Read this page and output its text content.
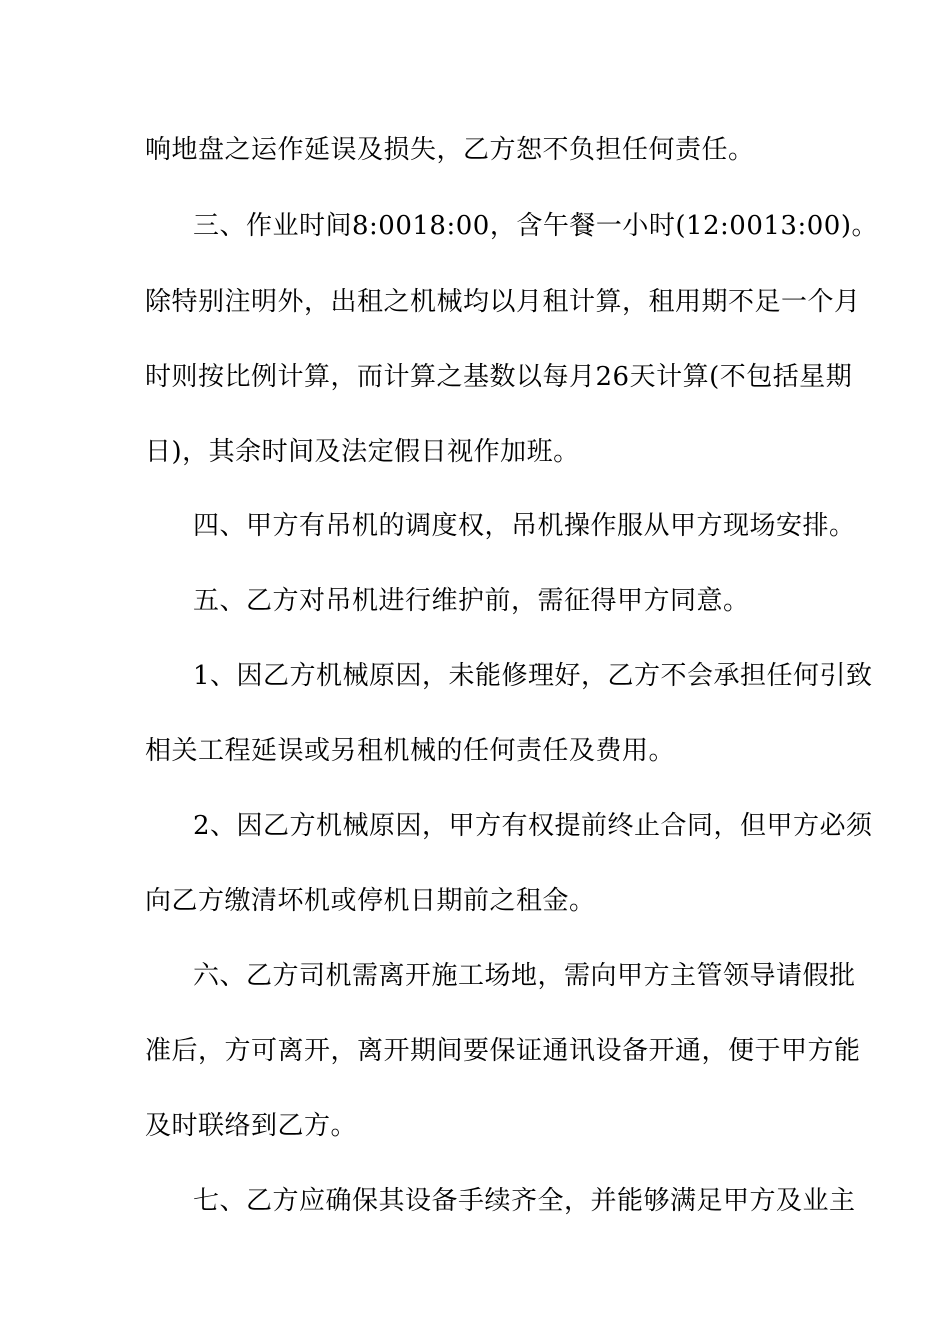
响地盘之运作延误及损失，乙方恕不负担任何责任。
三、作业时间8:0018:00，含午餐一小时(12:0013:00)。
除特别注明外，出租之机械均以月租计算，租用期不足一个月
时则按比例计算，而计算之基数以每月26天计算(不包括星期
日)，其余时间及法定假日视作加班。
四、甲方有吊机的调度权，吊机操作服从甲方现场安排。
五、乙方对吊机进行维护前，需征得甲方同意。
1、因乙方机械原因，未能修理好，乙方不会承担任何引致
相关工程延误或另租机械的任何责任及费用。
2、因乙方机械原因，甲方有权提前终止合同，但甲方必须
向乙方缴清坏机或停机日期前之租金。
六、乙方司机需离开施工场地，需向甲方主管领导请假批
准后，方可离开，离开期间要保证通讯设备开通，便于甲方能
及时联络到乙方。
七、乙方应确保其设备手续齐全，并能够满足甲方及业主
